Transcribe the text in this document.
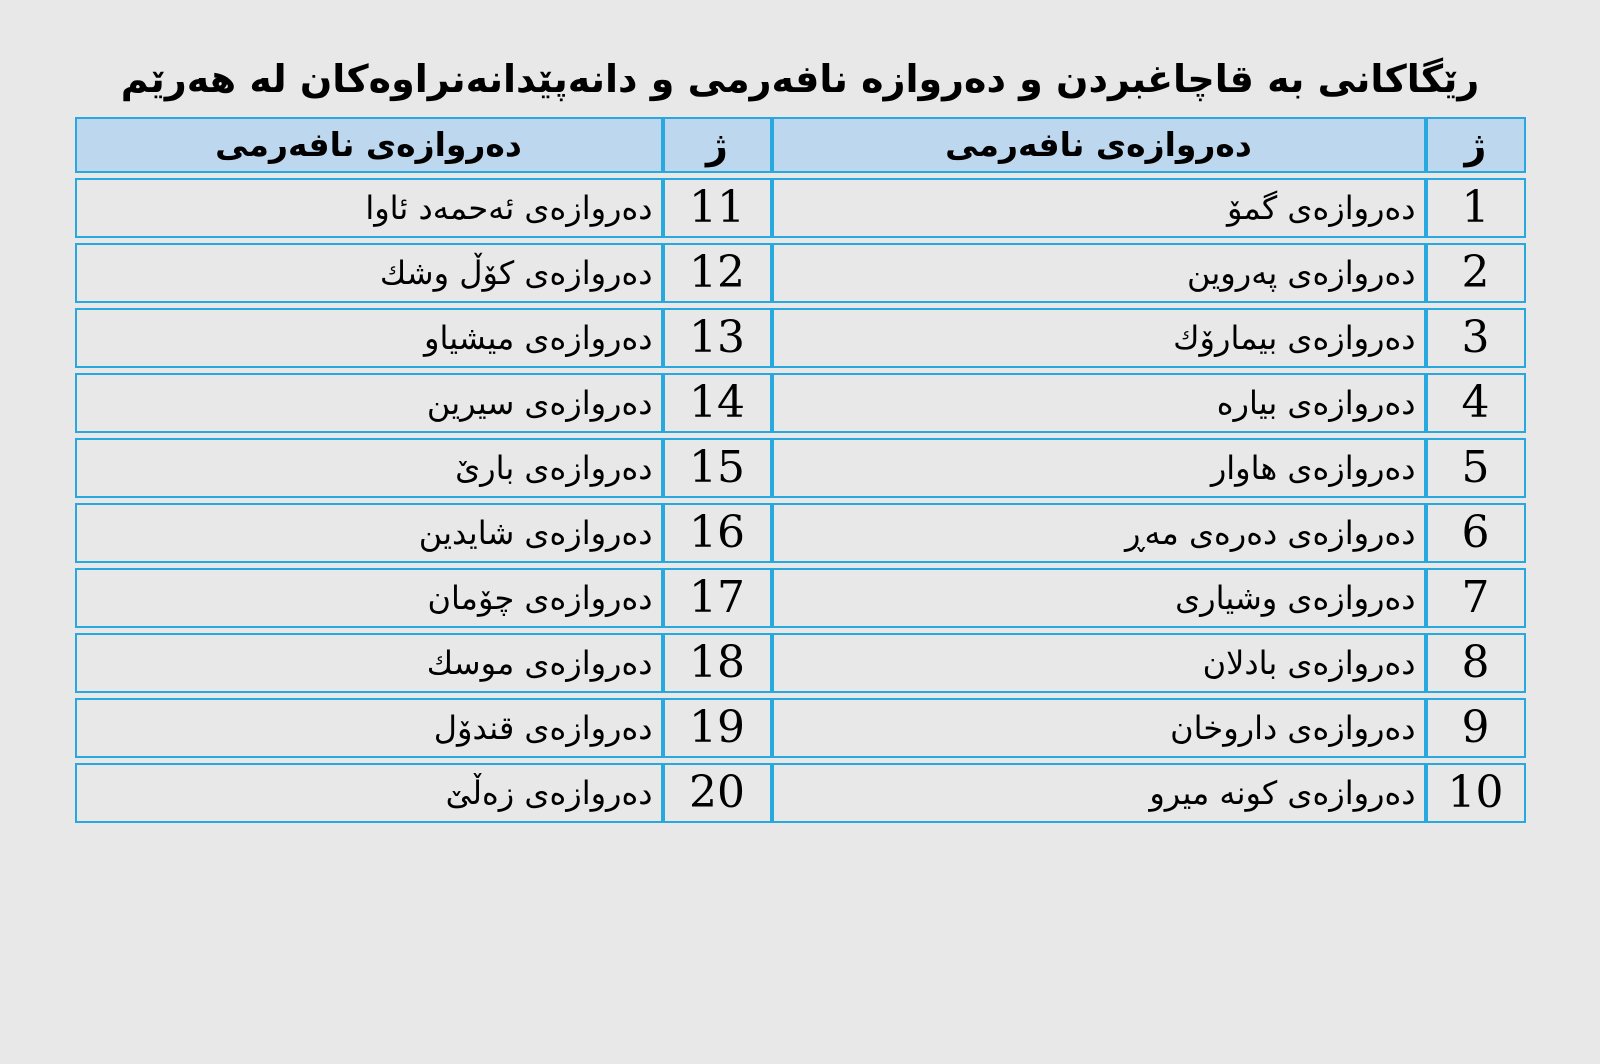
رێگاکانی بە قاچاغبردن و دەروازە نافەرمی و دانەپێدانەنراوەکان لە هەرێم
ژ	دەروازەی نافەرمی	ژ	دەروازەی نافەرمی
1	دەروازەی گمۆ	11	دەروازەی ئەحمەد ئاوا
2	دەروازەی پەروین	12	دەروازەی كۆڵ وشك
3	دەروازەی بیمارۆك	13	دەروازەی میشیاو
4	دەروازەی بیارە	14	دەروازەی سیرین
5	دەروازەی هاوار	15	دەروازەی بارێ
6	دەروازەی دەرەی مەڕ	16	دەروازەی شایدین
7	دەروازەی وشیاری	17	دەروازەی چۆمان
8	دەروازەی بادلان	18	دەروازەی موسك
9	دەروازەی داروخان	19	دەروازەی قندۆل
10	دەروازەی كونە میرو	20	دەروازەی زەڵێ
